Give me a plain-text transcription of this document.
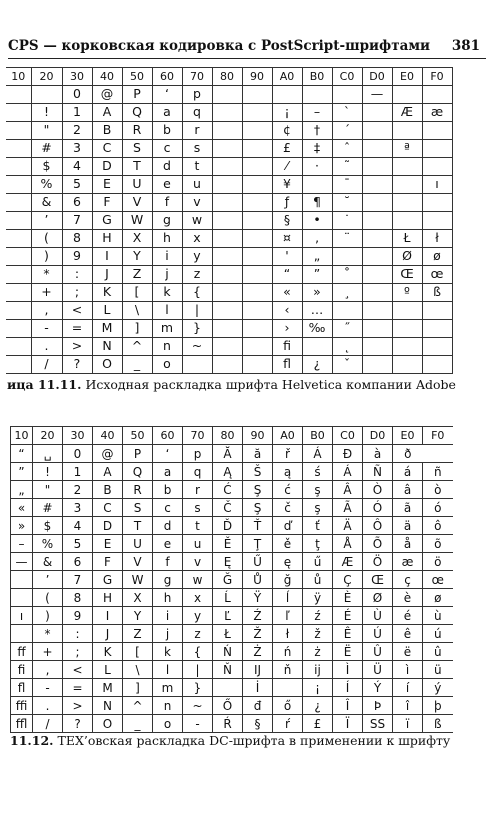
CPS — корковская кодировка с PostScript-шрифтами 381
10	20	30	40	50	60	70	80	90	A0	B0	C0	D0	E0	F0
		0	@	P	‘	p						—		
	!	1	A	Q	a	q			¡	–	`		Æ	æ
	"	2	B	R	b	r			¢	†	´			
	#	3	C	S	c	s			£	‡	ˆ		ª	
	$	4	D	T	d	t			⁄	·	˜			
	%	5	E	U	e	u			¥		¯			ı
	&	6	F	V	f	v			ƒ	¶	˘			
	’	7	G	W	g	w			§	•	˙			
	(	8	H	X	h	x			¤	‚	¨		Ł	ł
	)	9	I	Y	i	y			'	„			Ø	ø
	*	:	J	Z	j	z			“	”	˚		Œ	œ
	+	;	K	[	k	{			«	»	¸		º	ß
	,	<	L	\	l	|			‹	…				
	-	=	M	]	m	}			›	‰	˝			
	.	>	N	^	n	~			ﬁ		˛			
	/	?	O	_	o				ﬂ	¿	ˇ			
ица 11.11. Исходная раскладка шрифта Helvetica компании Adobe
10	20	30	40	50	60	70	80	90	A0	B0	C0	D0	E0	F0
“	␣	0	@	P	‘	p	Ă	ă	ř	Á	Đ	à	ð	
”	!	1	A	Q	a	q	Ą	Š	ą	ś	Á	Ñ	á	ñ
„	"	2	B	R	b	r	Ć	Ş	ć	ş	Â	Ò	â	ò
«	#	3	C	S	c	s	Č	Ş	č	ş	Ã	Ó	ã	ó
»	$	4	D	T	d	t	Ď	Ť	ď	ť	Ä	Ô	ä	ô
–	%	5	E	U	e	u	Ě	Ţ	ě	ţ	Å	Õ	å	õ
—	&	6	F	V	f	v	Ę	Ű	ę	ű	Æ	Ö	æ	ö
	’	7	G	W	g	w	Ğ	Ů	ğ	ů	Ç	Œ	ç	œ
	(	8	H	X	h	x	Ĺ	Ÿ	ĺ	ÿ	È	Ø	è	ø
ı	)	9	I	Y	i	y	Ľ	Ź	ľ	ź	É	Ù	é	ù
	*	:	J	Z	j	z	Ł	Ž	ł	ž	Ê	Ú	ê	ú
ff	+	;	K	[	k	{	Ń	Ż	ń	ż	Ë	Û	ë	û
fi	,	<	L	\	l	|	Ň	IJ	ň	ij	Ì	Ü	ì	ü
fl	-	=	M	]	m	}		İ		¡	Í	Ý	í	ý
ffi	.	>	N	^	n	~	Ő	đ	ő	¿	Î	Þ	î	þ
ffl	/	?	O	_	o	-	Ŕ	§	ŕ	£	Ï	SS	ï	ß
11.12. TEX’овская раскладка DC-шрифта в применении к шрифту
